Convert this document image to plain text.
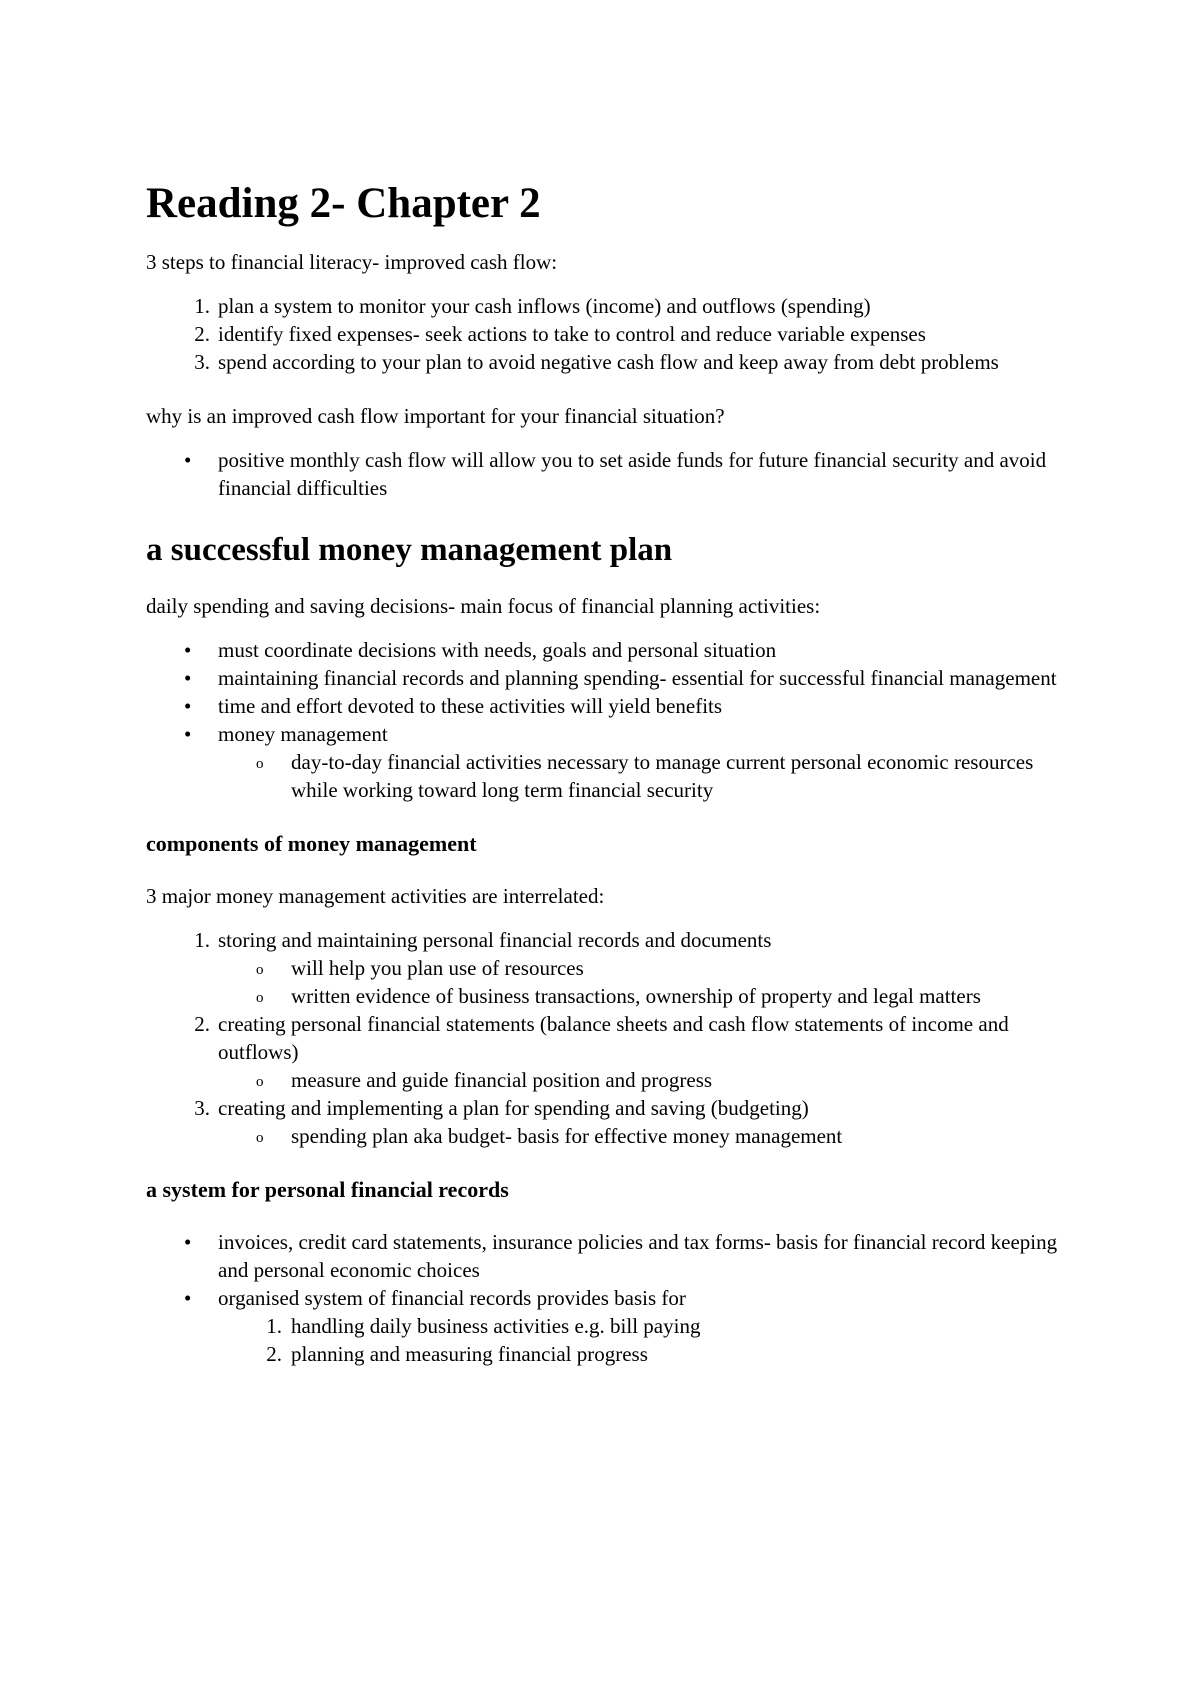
Reading 2- Chapter 2

3 steps to financial literacy- improved cash flow:

1. plan a system to monitor your cash inflows (income) and outflows (spending)
2. identify fixed expenses- seek actions to take to control and reduce variable expenses
3. spend according to your plan to avoid negative cash flow and keep away from debt problems

why is an improved cash flow important for your financial situation?

• positive monthly cash flow will allow you to set aside funds for future financial security and avoid financial difficulties
a successful money management plan

daily spending and saving decisions- main focus of financial planning activities:

• must coordinate decisions with needs, goals and personal situation
• maintaining financial records and planning spending- essential for successful financial management
• time and effort devoted to these activities will yield benefits
• money management
o day-to-day financial activities necessary to manage current personal economic resources while working toward long term financial security
components of money management

3 major money management activities are interrelated:

1. storing and maintaining personal financial records and documents
o will help you plan use of resources
o written evidence of business transactions, ownership of property and legal matters
2. creating personal financial statements (balance sheets and cash flow statements of income and outflows)
o measure and guide financial position and progress
3. creating and implementing a plan for spending and saving (budgeting)
o spending plan aka budget- basis for effective money management
a system for personal financial records
• invoices, credit card statements, insurance policies and tax forms- basis for financial record keeping and personal economic choices
• organised system of financial records provides basis for
1. handling daily business activities e.g. bill paying
2. planning and measuring financial progress
